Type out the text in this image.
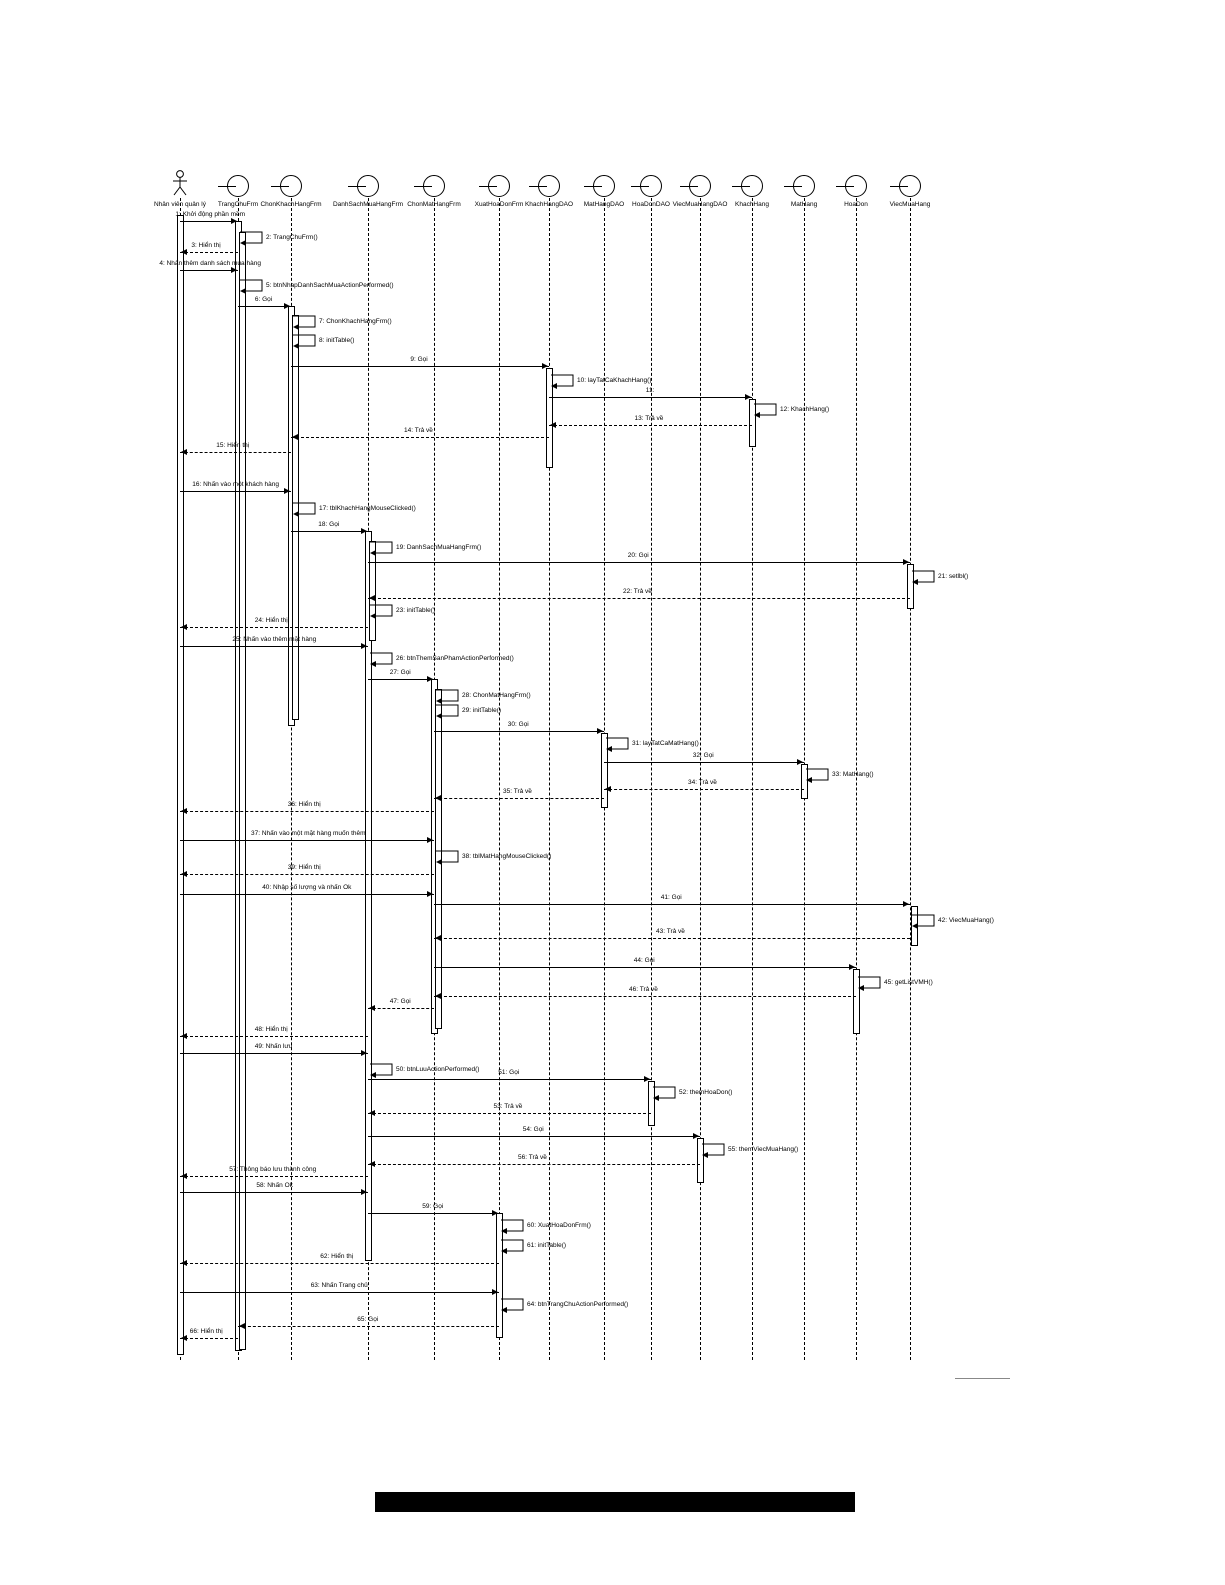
Nhân viên quản lý	TrangChuFrm ChonKhachHangFrm	DanhSachMuaHangFrm ChonMatHangFrm	XuatHoaDonFrm KhachHangDAO	MatHangDAO	HoaDonDAO ViecMuaHangDAO	KhachHang	MatHang	HoaDon	ViecMuaHang
1: Khởi động phần mềm
2: TrangChuFrm()
3: Hiển thị
4: Nhấn thêm danh sách mua hàng
5: btnNhapDanhSachMuaActionPerformed()
6: Gọi
7: ChonKhachHangFrm()
8: initTable()
9: Gọi
10: layTatCaKhachHang()
11:
12: KhachHang()
13: Trả về
14: Trả về
15: Hiển thị
16: Nhấn vào một khách hàng
17: tblKhachHangMouseClicked()
18: Gọi
19: DanhSachMuaHangFrm()
20: Gọi
21: setlbl()
22: Trả về
23: initTable()
24: Hiển thị
25: Nhấn vào thêm mặt hàng
26: btnThemSanPhamActionPerformed()
27: Gọi
28: ChonMatHangFrm()
29: initTable()
30: Gọi
31: layTatCaMatHang()
32: Gọi
33: MatHang()
34: Trả về
35: Trả về
36: Hiển thị
37: Nhấn vào một mặt hàng muốn thêm
38: tblMatHangMouseClicked()
39: Hiển thị
40: Nhập số lượng và nhấn Ok
41: Gọi
42: ViecMuaHang()
43: Trả về
44: Gọi
45: getListVMH()
46: Trả về
47: Gọi
48: Hiển thị
49: Nhấn lưu
50: btnLuuActionPerformed()	51: Gọi
52: themHoaDon()
53: Trả về
54: Gọi
55: themViecMuaHang()
56: Trả về
57: Thông báo lưu thành công
58: Nhấn Ok
59: Gọi
60: XuatHoaDonFrm()
61: initTable()
62: Hiển thị
63: Nhấn Trang chủ
64: btnTrangChuActionPerformed()
65: Gọi
66: Hiển thị
